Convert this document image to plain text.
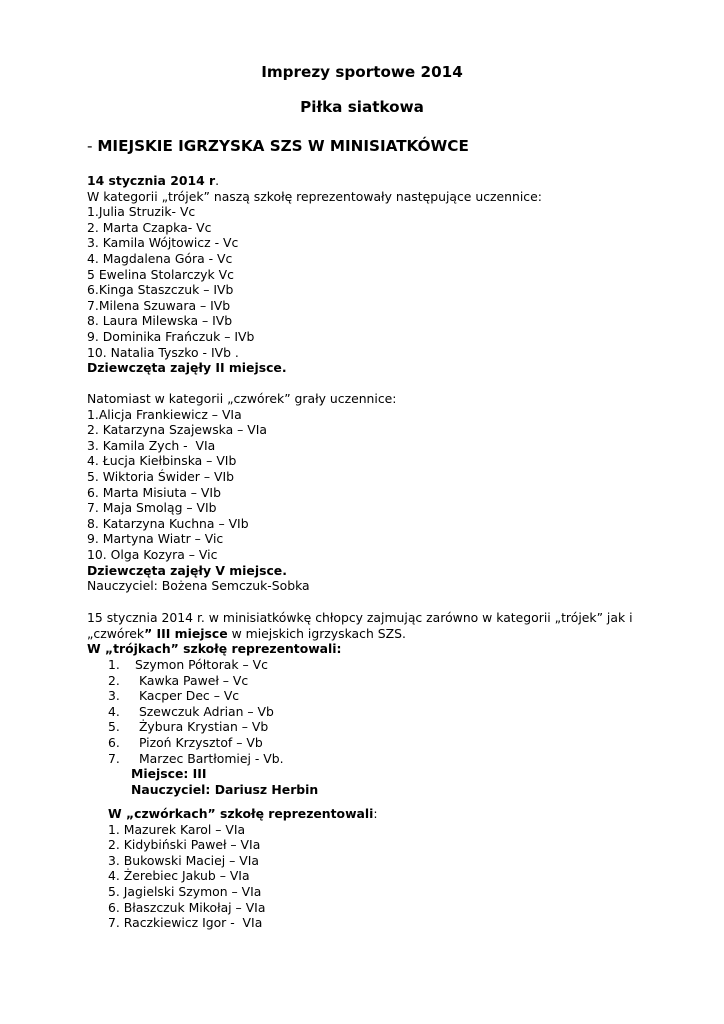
Imprezy sportowe 2014
Piłka siatkowa
- MIEJSKIE IGRZYSKA SZS W MINISIATKÓWCE
14 stycznia 2014 r.
W kategorii „trójek” naszą szkołę reprezentowały następujące uczennice:
1.Julia Struzik- Vc
2. Marta Czapka- Vc
3. Kamila Wójtowicz - Vc
4. Magdalena Góra - Vc
5 Ewelina Stolarczyk Vc
6.Kinga Staszczuk – IVb
7.Milena Szuwara – IVb
8. Laura Milewska – IVb
9. Dominika Frańczuk – IVb
10. Natalia Tyszko - IVb .
Dziewczęta zajęły II miejsce.
Natomiast w kategorii „czwórek” grały uczennice:
1.Alicja Frankiewicz – VIa
2. Katarzyna Szajewska – VIa
3. Kamila Zych -  VIa
4. Łucja Kiełbinska – VIb
5. Wiktoria Świder – VIb
6. Marta Misiuta – VIb
7. Maja Smoląg – VIb
8. Katarzyna Kuchna – VIb
9. Martyna Wiatr – Vic
10. Olga Kozyra – Vic
Dziewczęta zajęły V miejsce.
Nauczyciel: Bożena Semczuk-Sobka
15 stycznia 2014 r. w minisiatkówkę chłopcy zajmując zarówno w kategorii „trójek” jak i
„czwórek” III miejsce w miejskich igrzyskach SZS.
W „trójkach” szkołę reprezentowali:
1. Szymon Półtorak – Vc
2. Kawka Paweł – Vc
3. Kacper Dec – Vc
4. Szewczuk Adrian – Vb
5. Żybura Krystian – Vb
6. Pizoń Krzysztof – Vb
7. Marzec Bartłomiej - Vb.
Miejsce: III
Nauczyciel: Dariusz Herbin
W „czwórkach” szkołę reprezentowali:
1. Mazurek Karol – VIa
2. Kidybiński Paweł – VIa
3. Bukowski Maciej – VIa
4. Żerebiec Jakub – VIa
5. Jagielski Szymon – VIa
6. Błaszczuk Mikołaj – VIa
7. Raczkiewicz Igor -  VIa
